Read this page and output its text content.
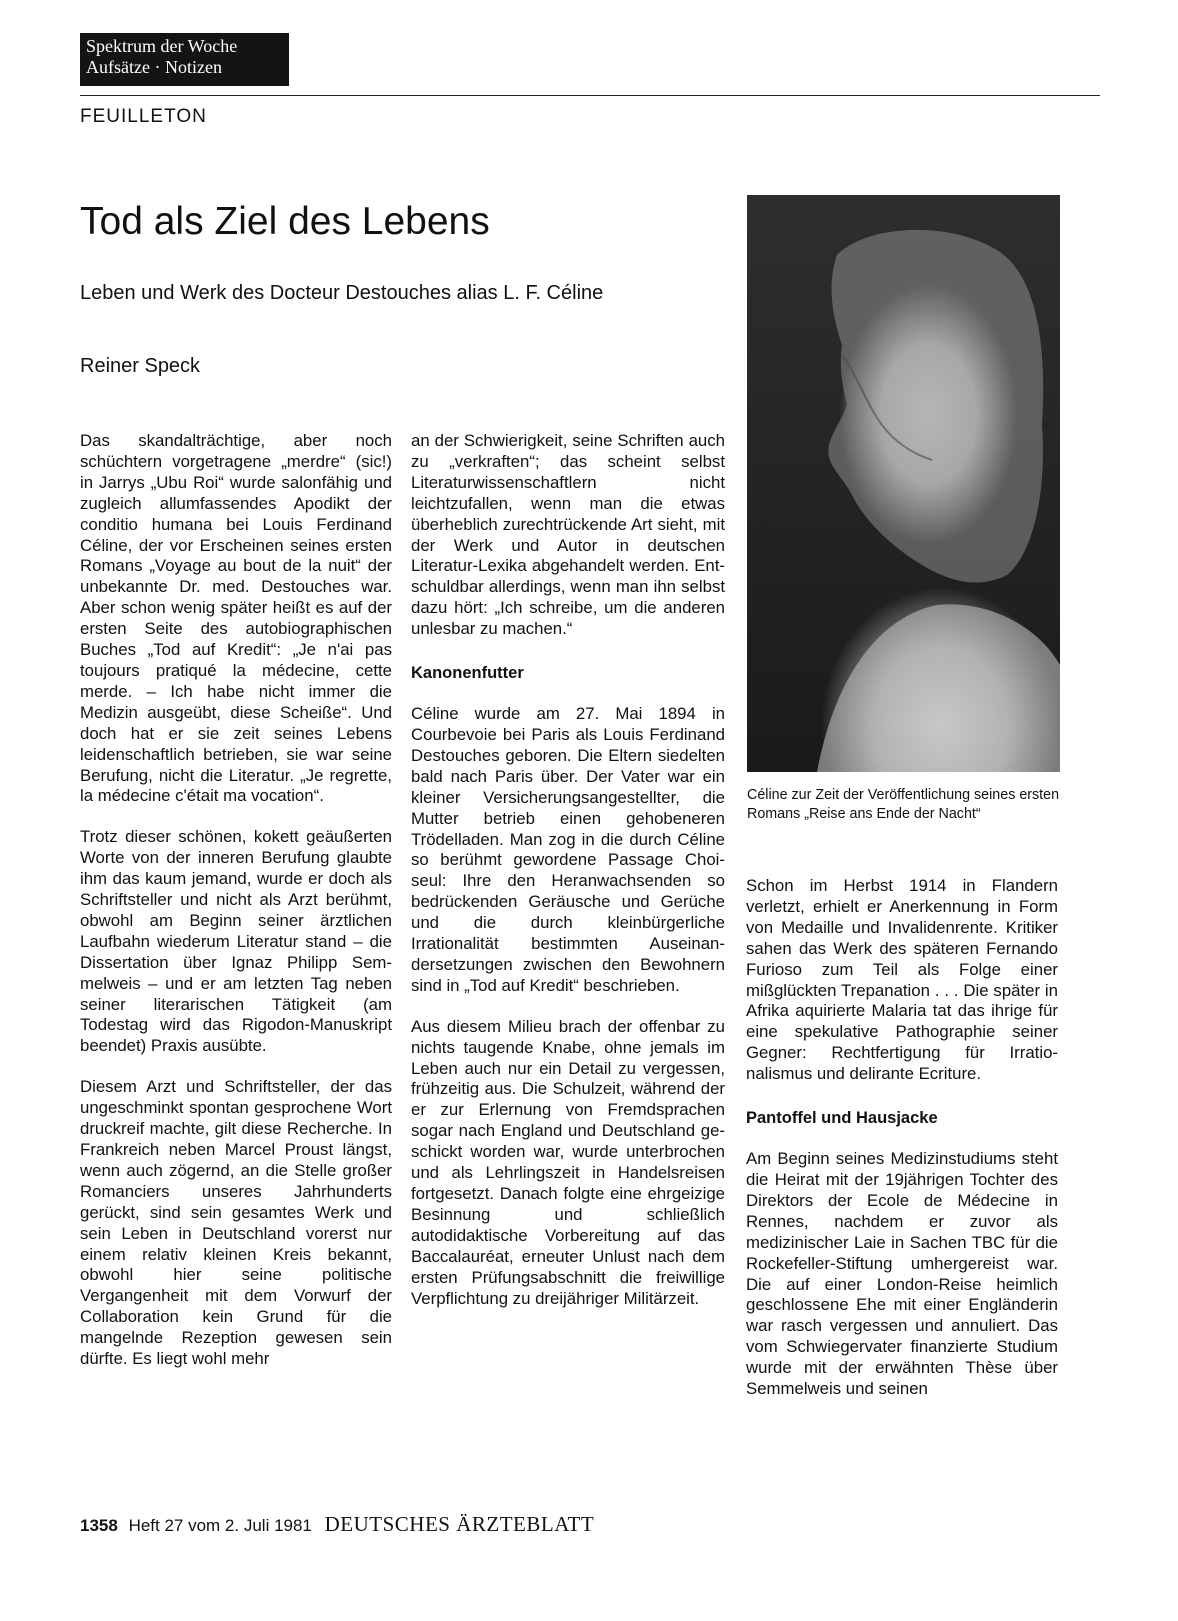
Spektrum der Woche
Aufsätze · Notizen
FEUILLETON
Tod als Ziel des Lebens
Leben und Werk des Docteur Destouches alias L. F. Céline
Reiner Speck

Das skandalträchtige, aber noch schüchtern vorgetragene „merdre“ (sic!) in Jarrys „Ubu Roi“ wurde salonfähig und zugleich allumfassendes Apodikt der conditio humana bei Louis Ferdinand Céline, der vor Erscheinen seines ersten Romans „Voyage au bout de la nuit“ der unbekannte Dr. med. Destouches war. Aber schon wenig später heißt es auf der ersten Seite des autobiographischen Buches „Tod auf Kredit“: „Je n'ai pas toujours pratiqué la médecine, cette merde. – Ich habe nicht immer die Medizin ausgeübt, diese Scheiße“. Und doch hat er sie zeit seines Lebens leidenschaftlich betrieben, sie war seine Berufung, nicht die Literatur. „Je regrette, la médecine c'était ma vocation“.

Trotz dieser schönen, kokett geäußerten Worte von der inneren Berufung glaubte ihm das kaum jemand, wurde er doch als Schriftsteller und nicht als Arzt berühmt, obwohl am Beginn seiner ärztlichen Laufbahn wiederum Literatur stand – die Dissertation über Ignaz Philipp Semmelweis – und er am letzten Tag neben seiner literarischen Tätigkeit (am Todestag wird das Rigodon-Manuskript beendet) Praxis ausübte.

Diesem Arzt und Schriftsteller, der das ungeschminkt spontan gesprochene Wort druckreif machte, gilt diese Recherche. In Frankreich neben Marcel Proust längst, wenn auch zögernd, an die Stelle großer Romanciers unseres Jahrhunderts gerückt, sind sein gesamtes Werk und sein Leben in Deutschland vorerst nur einem relativ kleinen Kreis bekannt, obwohl hier seine politische Vergangenheit mit dem Vorwurf der Collaboration kein Grund für die mangelnde Rezeption gewesen sein dürfte. Es liegt wohl mehr

an der Schwierigkeit, seine Schriften auch zu „verkraften“; das scheint selbst Literaturwissenschaftlern nicht leichtzufallen, wenn man die etwas überheblich zurechtrückende Art sieht, mit der Werk und Autor in deutschen Literatur-Lexika abgehandelt werden. Entschuldbar allerdings, wenn man ihn selbst dazu hört: „Ich schreibe, um die anderen unlesbar zu machen.“

Kanonenfutter

Céline wurde am 27. Mai 1894 in Courbevoie bei Paris als Louis Ferdinand Destouches geboren. Die Eltern siedelten bald nach Paris über. Der Vater war ein kleiner Versicherungsangestellter, die Mutter betrieb einen gehobeneren Trödelladen. Man zog in die durch Céline so berühmt gewordene Passage Choiseul: Ihre den Heranwachsenden so bedrückenden Geräusche und Gerüche und die durch kleinbürgerliche Irrationalität bestimmten Auseinandersetzungen zwischen den Bewohnern sind in „Tod auf Kredit“ beschrieben.

Aus diesem Milieu brach der offenbar zu nichts taugende Knabe, ohne jemals im Leben auch nur ein Detail zu vergessen, frühzeitig aus. Die Schulzeit, während der er zur Erlernung von Fremdsprachen sogar nach England und Deutschland geschickt worden war, wurde unterbrochen und als Lehrlingszeit in Handelsreisen fortgesetzt. Danach folgte eine ehrgeizige Besinnung und schließlich autodidaktische Vorbereitung auf das Baccalauréat, erneuter Unlust nach dem ersten Prüfungsabschnitt die freiwillige Verpflichtung zu dreijähriger Militärzeit.

Céline zur Zeit der Veröffentlichung seines ersten Romans „Reise ans Ende der Nacht“

Schon im Herbst 1914 in Flandern verletzt, erhielt er Anerkennung in Form von Medaille und Invalidenrente. Kritiker sahen das Werk des späteren Fernando Furioso zum Teil als Folge einer mißglückten Trepanation . . . Die später in Afrika aquirierte Malaria tat das ihrige für eine spekulative Pathographie seiner Gegner: Rechtfertigung für Irrationalismus und delirante Ecriture.

Pantoffel und Hausjacke

Am Beginn seines Medizinstudiums steht die Heirat mit der 19jährigen Tochter des Direktors der Ecole de Médecine in Rennes, nachdem er zuvor als medizinischer Laie in Sachen TBC für die Rockefeller-Stiftung umhergereist war. Die auf einer London-Reise heimlich geschlossene Ehe mit einer Engländerin war rasch vergessen und annuliert. Das vom Schwiegervater finanzierte Studium wurde mit der erwähnten Thèse über Semmelweis und seinen

1358 Heft 27 vom 2. Juli 1981 DEUTSCHES ÄRZTEBLATT
